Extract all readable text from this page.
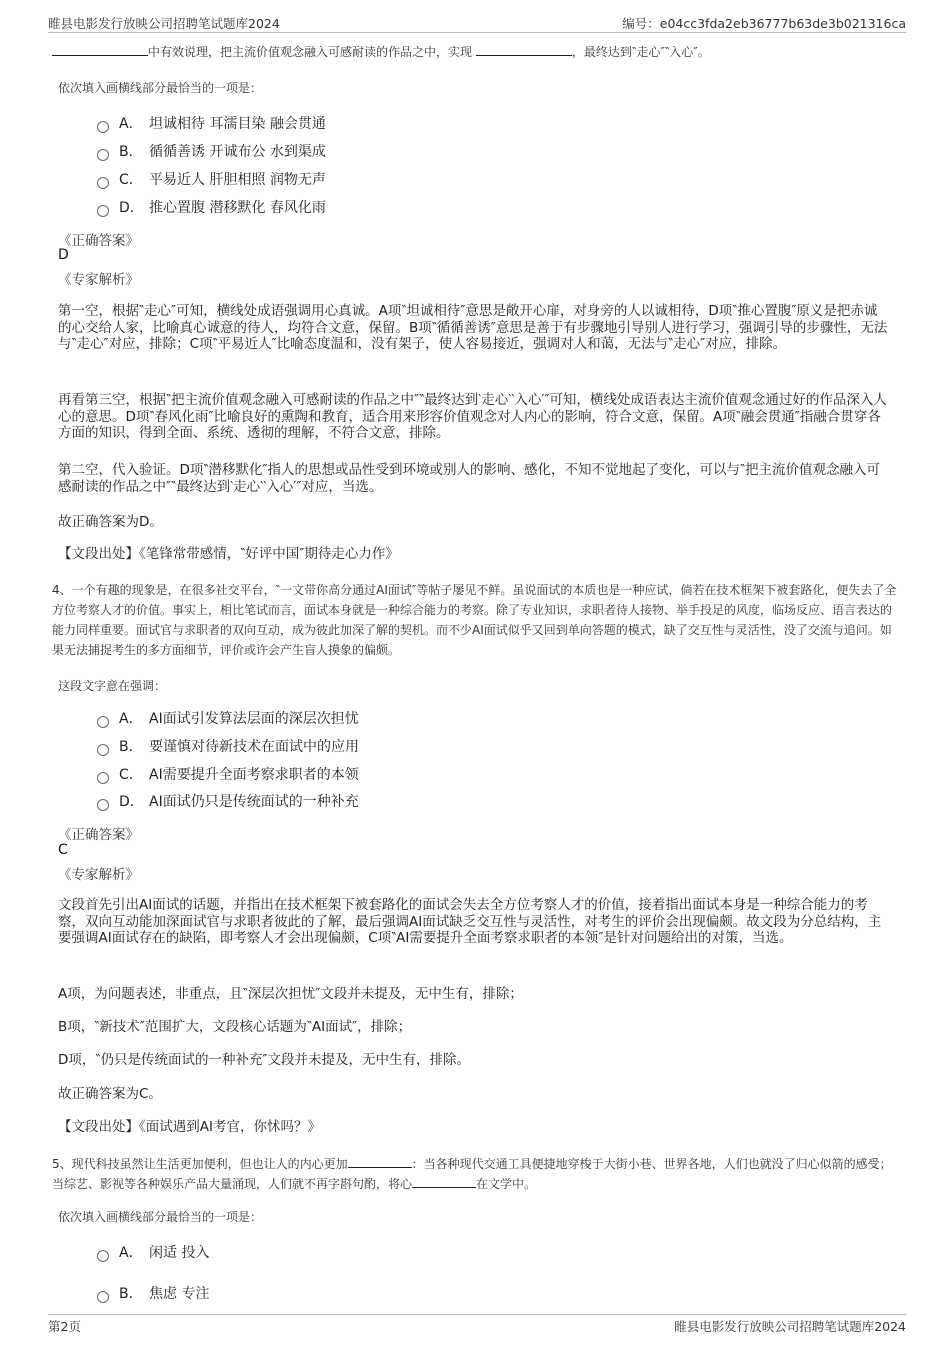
睢县电影发行放映公司招聘笔试题库2024	编号：e04cc3fda2eb36777b63de3b021316ca
中有效说理，把主流价值观念融入可感耐读的作品之中，实现	，最终达到‶走心″‶入心″。
依次填入画横线部分最恰当的一项是：
A． 坦诚相待 耳濡目染 融会贯通
B． 循循善诱 开诚布公 水到渠成
C． 平易近人 肝胆相照 润物无声
D． 推心置腹 潜移默化 春风化雨
《正确答案》
D
《专家解析》
第一空，根据‶走心″可知，横线处成语强调用心真诚。A项‶坦诚相待″意思是敞开心扉，对身旁的人以诚相待，D项‶推心置腹″原义是把赤诚的心交给人家，比喻真心诚意的待人，均符合文意，保留。B项‶循循善诱″意思是善于有步骤地引导别人进行学习，强调引导的步骤性，无法与‶走心″对应，排除；C项‶平易近人″比喻态度温和，没有架子，使人容易接近，强调对人和蔼，无法与‶走心″对应，排除。
再看第三空，根据‶把主流价值观念融入可感耐读的作品之中″‶最终达到‵走心‵‵入心′″可知，横线处成语表达主流价值观念通过好的作品深入人心的意思。D项‶春风化雨″比喻良好的熏陶和教育，适合用来形容价值观念对人内心的影响，符合文意，保留。A项‶融会贯通″指融合贯穿各方面的知识，得到全面、系统、透彻的理解，不符合文意，排除。
第二空，代入验证。D项‶潜移默化″指人的思想或品性受到环境或别人的影响、感化，不知不觉地起了变化，可以与‶把主流价值观念融入可感耐读的作品之中″‶最终达到‵走心‵‵入心′″对应，当选。
故正确答案为D。
【文段出处】《笔锋常带感情，‶好评中国″期待走心力作》
4、一个有趣的现象是，在很多社交平台，‶一文带你高分通过AI面试″等帖子屡见不鲜。虽说面试的本质也是一种应试，倘若在技术框架下被套路化，便失去了全方位考察人才的价值。事实上，相比笔试而言，面试本身就是一种综合能力的考察。除了专业知识，求职者待人接物、举手投足的风度，临场反应、语言表达的能力同样重要。面试官与求职者的双向互动，成为彼此加深了解的契机。而不少AI面试似乎又回到单向答题的模式，缺了交互性与灵活性，没了交流与追问。如果无法捕捉考生的多方面细节，评价或许会产生盲人摸象的偏颇。
这段文字意在强调：
A． AI面试引发算法层面的深层次担忧
B． 要谨慎对待新技术在面试中的应用
C． AI需要提升全面考察求职者的本领
D． AI面试仍只是传统面试的一种补充
《正确答案》
C
《专家解析》
文段首先引出AI面试的话题，并指出在技术框架下被套路化的面试会失去全方位考察人才的价值，接着指出面试本身是一种综合能力的考察，双向互动能加深面试官与求职者彼此的了解，最后强调AI面试缺乏交互性与灵活性，对考生的评价会出现偏颇。故文段为分总结构，主要强调AI面试存在的缺陷，即考察人才会出现偏颇，C项‶AI需要提升全面考察求职者的本领″是针对问题给出的对策，当选。
A项，为问题表述，非重点，且‶深层次担忧″文段并未提及，无中生有，排除；
B项，‶新技术″范围扩大，文段核心话题为‶AI面试″，排除；
D项，‶仍只是传统面试的一种补充″文段并未提及，无中生有，排除。
故正确答案为C。
【文段出处】《面试遇到AI考官，你怵吗？》
5、现代科技虽然让生活更加便利，但也让人的内心更加	：当各种现代交通工具便捷地穿梭于大街小巷、世界各地，人们也就没了归心似箭的感受；当综艺、影视等各种娱乐产品大量涌现，人们就不再字斟句酌，将心	在文学中。
依次填入画横线部分最恰当的一项是：
A． 闲适 投入
B． 焦虑 专注
第2页	睢县电影发行放映公司招聘笔试题库2024
